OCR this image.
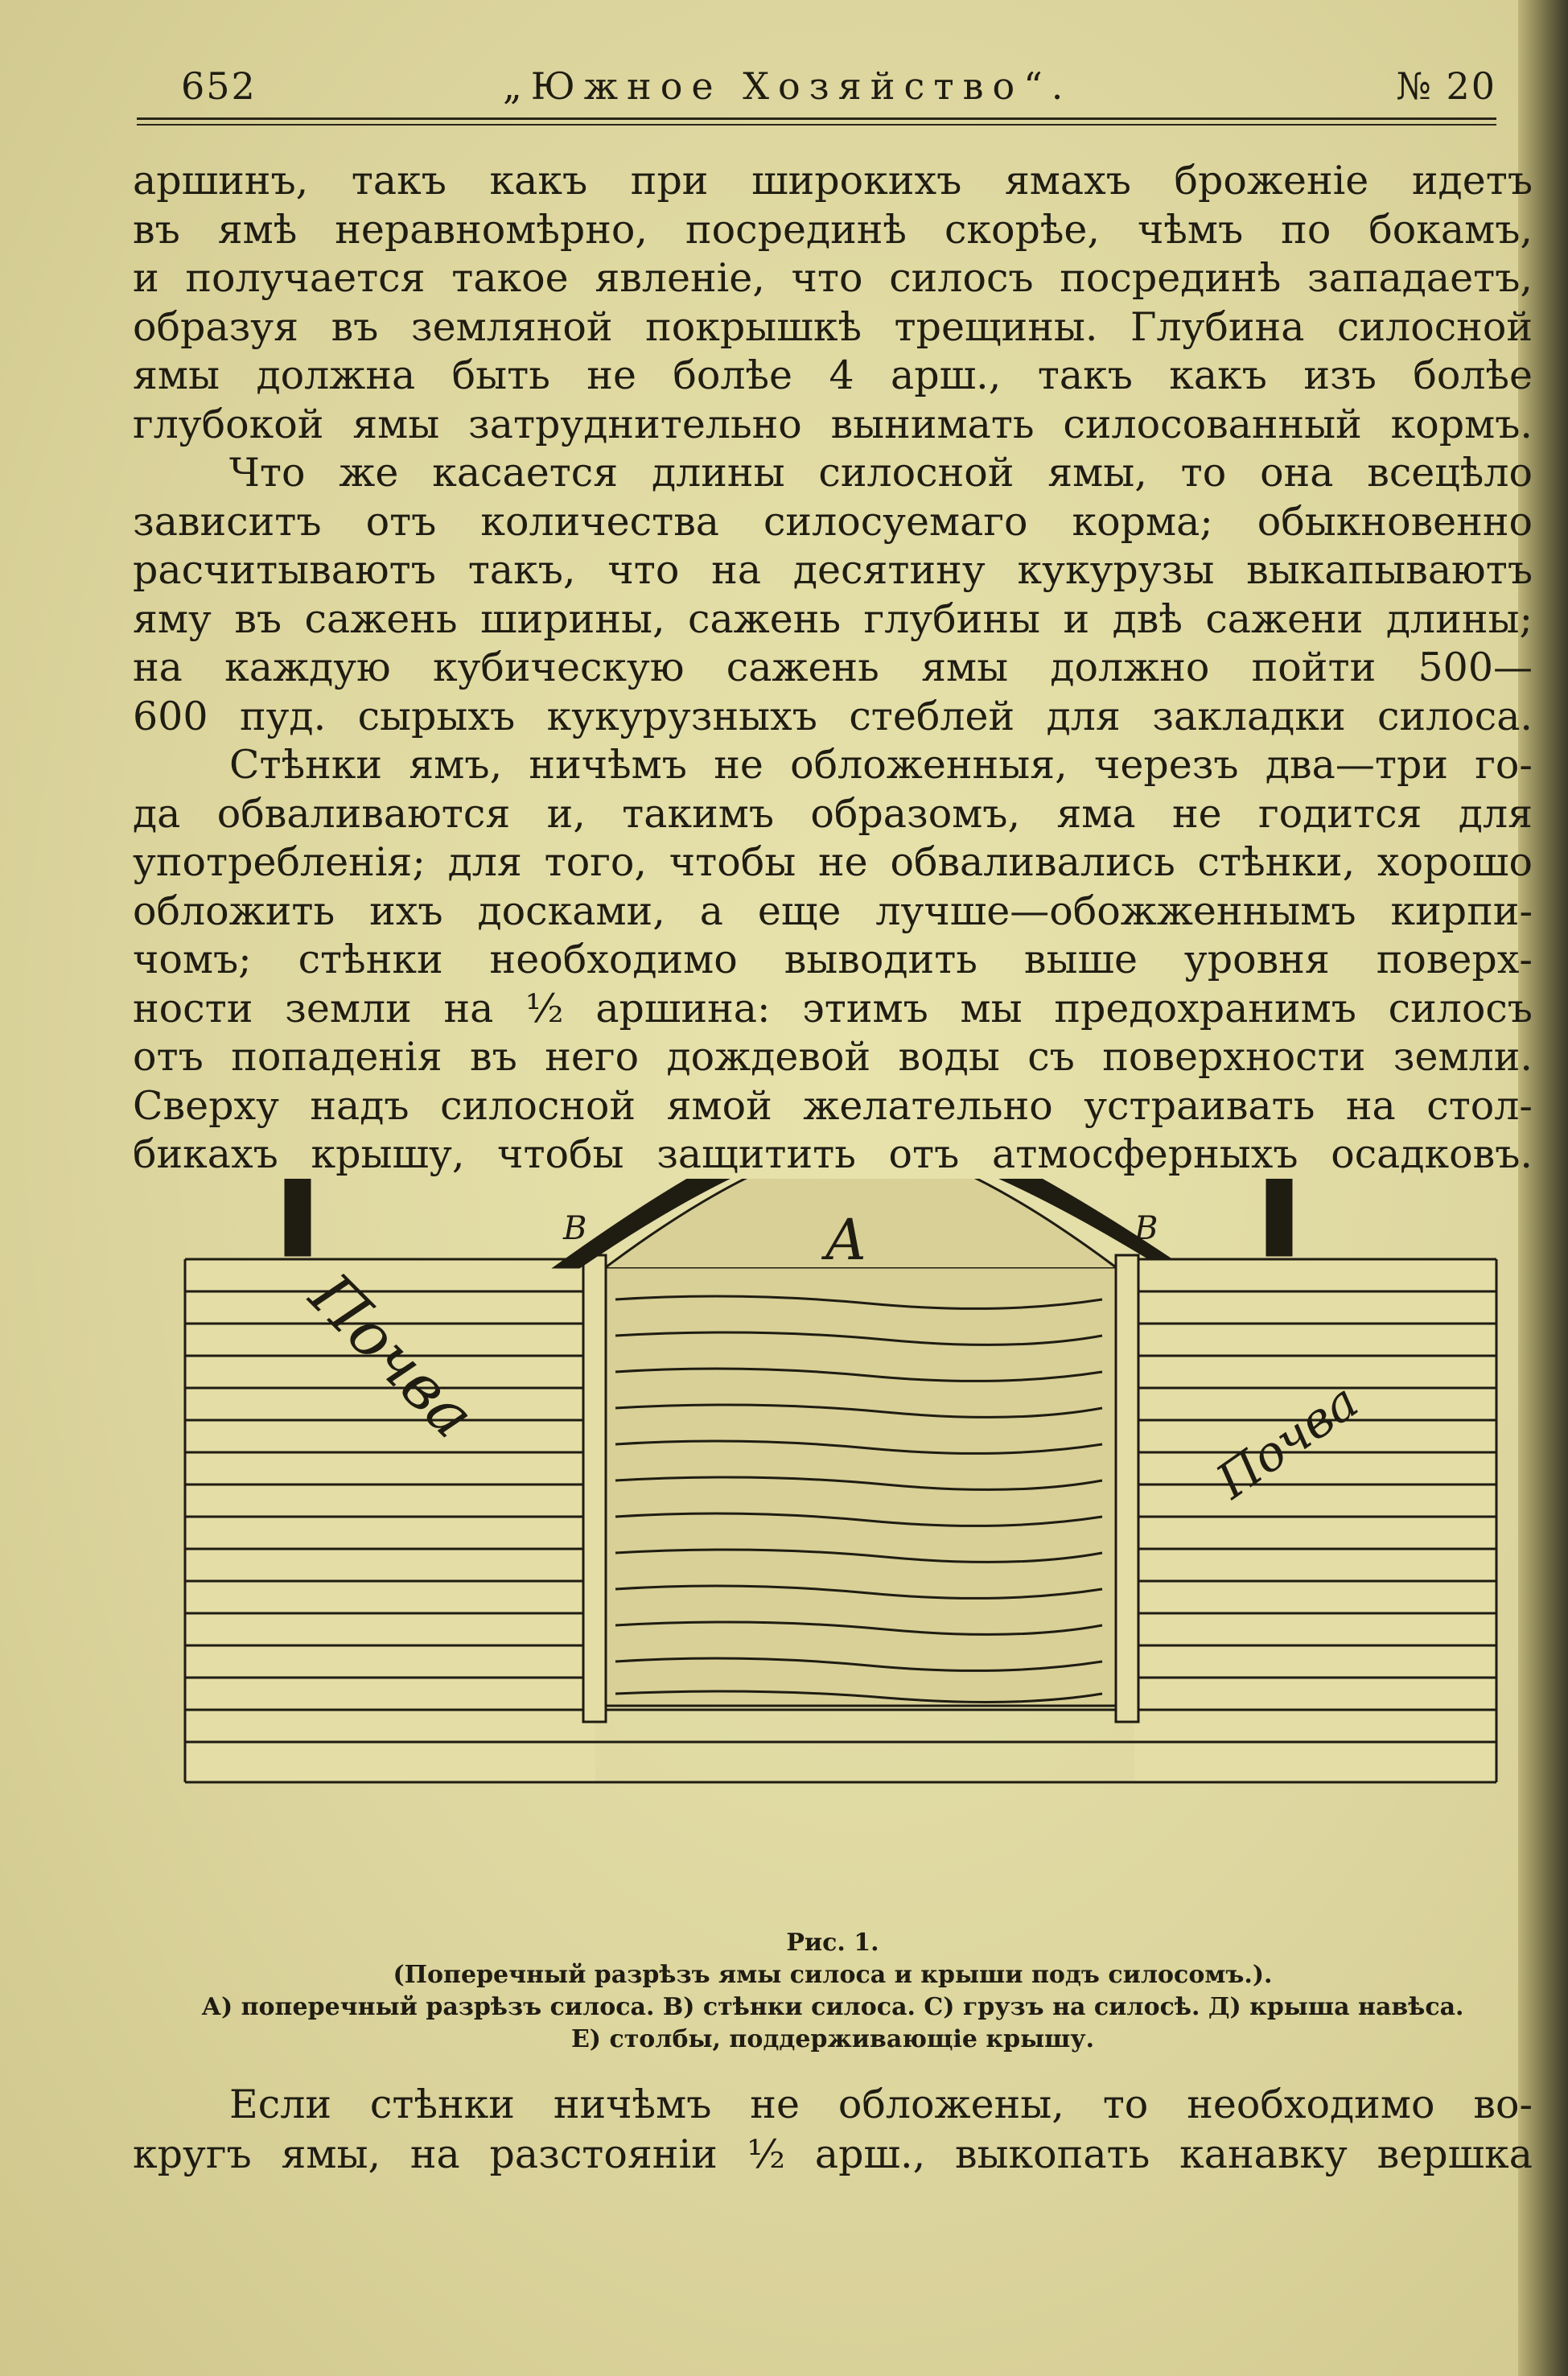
652	„Южное Хозяйство“.	№ 20

аршинъ, такъ какъ при широкихъ ямахъ броженіе идетъ
въ ямѣ неравномѣрно, посрединѣ скорѣе, чѣмъ по бокамъ,
и получается такое явленіе, что силосъ посрединѣ западаетъ,
образуя въ земляной покрышкѣ трещины. Глубина силосной
ямы должна быть не болѣе 4 арш., такъ какъ изъ болѣе
глубокой ямы затруднительно вынимать силосованный кормъ.

Что же касается длины силосной ямы, то она всецѣло
зависитъ отъ количества силосуемаго корма; обыкновенно
расчитываютъ такъ, что на десятину кукурузы выкапываютъ
яму въ сажень ширины, сажень глубины и двѣ сажени длины;
на каждую кубическую сажень ямы должно пойти 500—
600 пуд. сырыхъ кукурузныхъ стеблей для закладки силоса.

Стѣнки ямъ, ничѣмъ не обложенныя, черезъ два—три го-
да обваливаются и, такимъ образомъ, яма не годится для
употребленія; для того, чтобы не обваливались стѣнки, хорошо
обложить ихъ досками, а еще лучше—обожженнымъ кирпи-
чомъ; стѣнки необходимо выводить выше уровня поверх-
ности земли на ½ аршина: этимъ мы предохранимъ силосъ
отъ попаденія въ него дождевой воды съ поверхности земли.
Сверху надъ силосной ямой желательно устраивать на стол-
бикахъ крышу, чтобы защитить отъ атмосферныхъ осадковъ.

В	В
А
Почва	Почва
Рис. 1.
(Поперечный разрѣзъ ямы силоса и крыши подъ силосомъ.).
А) поперечный разрѣзъ силоса. В) стѣнки силоса. С) грузъ на силосѣ. Д) крыша навѣса.
Е) столбы, поддерживающіе крышу.
Если стѣнки ничѣмъ не обложены, то необходимо во-
кругъ ямы, на разстояніи ½ арш., выкопать канавку вершка
